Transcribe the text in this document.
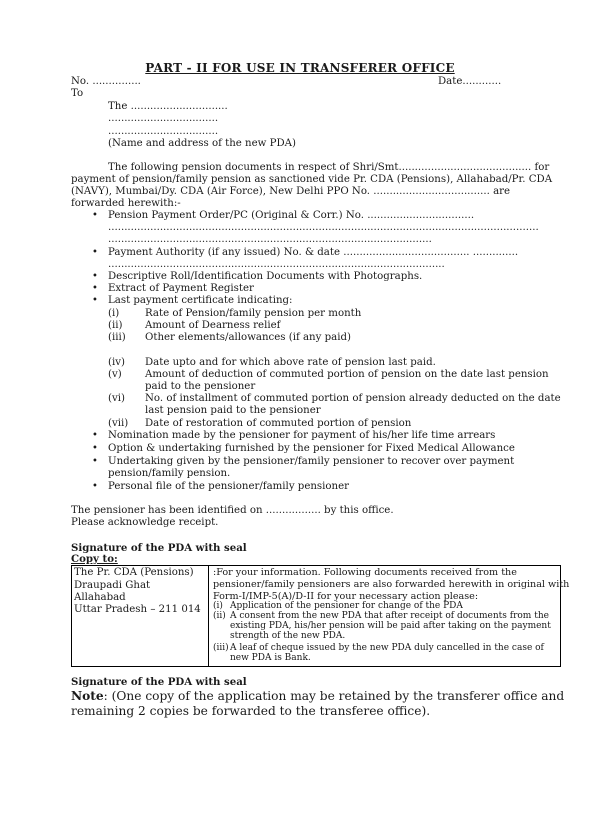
PART - II FOR USE IN TRANSFERER OFFICE
No. ...............	Date............
To
The ..............................
..................................
..................................
(Name and address of the new PDA)
The following pension documents in respect of Shri/Smt......................................... for
payment of pension/family pension as sanctioned vide Pr. CDA (Pensions), Allahabad/Pr. CDA
(NAVY), Mumbai/Dy. CDA (Air Force), New Delhi PPO No. .................................... are
forwarded herewith:-
• Pension Payment Order/PC (Original & Corr.) No. .................................
.....................................................................................................................................
....................................................................................................
• Payment Authority (if any issued) No. & date ....................................... ..............
........................................................................................................
• Descriptive Roll/Identification Documents with Photographs.
• Extract of Payment Register
• Last payment certificate indicating:
(i)	Rate of Pension/family pension per month
(ii) Amount of Dearness relief
(iii) Other elements/allowances (if any paid)
(iv) Date upto and for which above rate of pension last paid.
(v) Amount of deduction of commuted portion of pension on the date last pension
paid to the pensioner
(vi) No. of installment of commuted portion of pension already deducted on the date
last pension paid to the pensioner
(vii) Date of restoration of commuted portion of pension
• Nomination made by the pensioner for payment of his/her life time arrears
• Option & undertaking furnished by the pensioner for Fixed Medical Allowance
• Undertaking given by the pensioner/family pensioner to recover over payment
pension/family pension.
• Personal file of the pensioner/family pensioner
The pensioner has been identified on ................. by this office.
Please acknowledge receipt.
Signature of the PDA with seal
Copy to:
The Pr. CDA (Pensions)
Draupadi Ghat
Allahabad
Uttar Pradesh – 211 014
:For your information. Following documents received from the
pensioner/family pensioners are also forwarded herewith in original with
Form-I/IMP-5(A)/D-II for your necessary action please:
(i) Application of the pensioner for change of the PDA
(ii) A consent from the new PDA that after receipt of documents from the
existing PDA, his/her pension will be paid after taking on the payment
strength of the new PDA.
(iii) A leaf of cheque issued by the new PDA duly cancelled in the case of
new PDA is Bank.
Signature of the PDA with seal
Note: (One copy of the application may be retained by the transferer office and
remaining 2 copies be forwarded to the transferee office).
